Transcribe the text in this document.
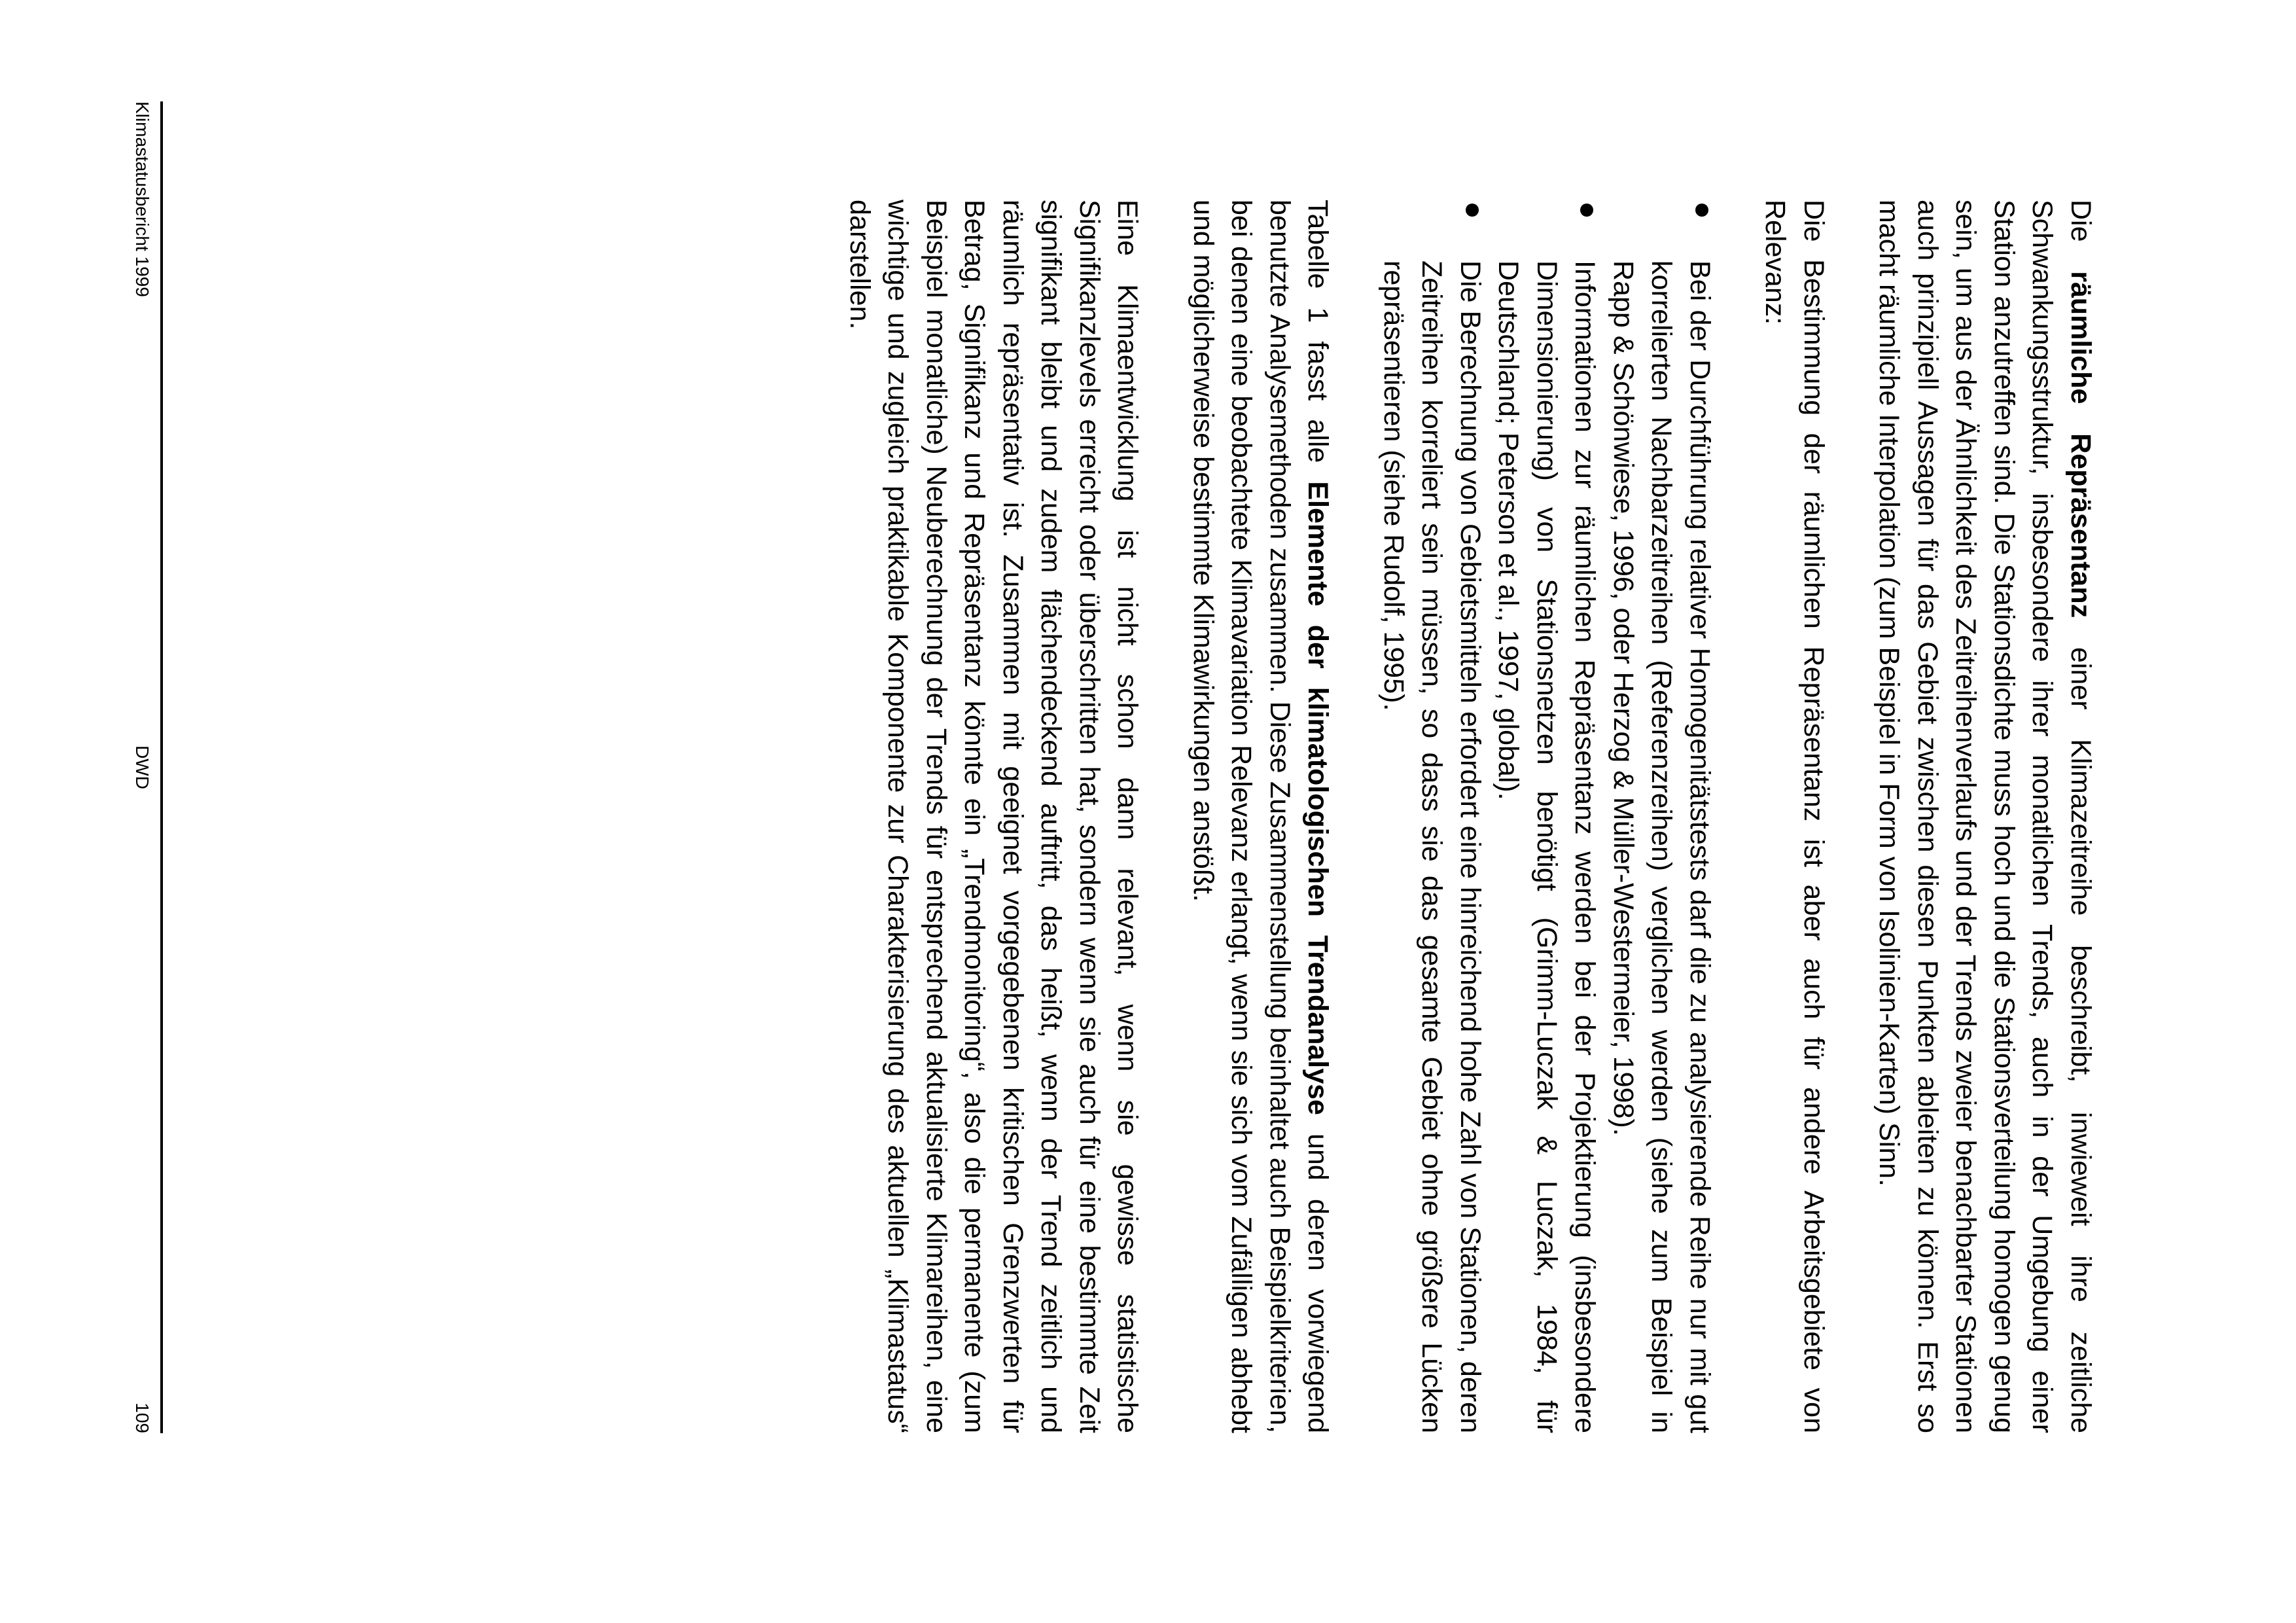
Die räumliche Repräsentanz einer Klimazeitreihe beschreibt, inwieweit ihre zeitliche Schwankungsstruktur, insbesondere ihrer monatlichen Trends, auch in der Umgebung einer Station anzutreffen sind. Die Stationsdichte muss hoch und die Stationsverteilung homogen genug sein, um aus der Ähnlichkeit des Zeitreihenverlaufs und der Trends zweier benachbarter Stationen auch prinzipiell Aussagen für das Gebiet zwischen diesen Punkten ableiten zu können. Erst so macht räumliche Interpolation (zum Beispiel in Form von Isolinien-Karten) Sinn.

Die Bestimmung der räumlichen Repräsentanz ist aber auch für andere Arbeitsgebiete von Relevanz:

Bei der Durchführung relativer Homogenitätstests darf die zu analysierende Reihe nur mit gut korrelierten Nachbarzeitreihen (Referenzreihen) verglichen werden (siehe zum Beispiel in Rapp & Schönwiese, 1996, oder Herzog & Müller-Westermeier, 1998).
Informationen zur räumlichen Repräsentanz werden bei der Projektierung (insbesondere Dimensionierung) von Stationsnetzen benötigt (Grimm-Luczak & Luczak, 1984, für Deutschland; Peterson et al., 1997, global).
Die Berechnung von Gebietsmitteln erfordert eine hinreichend hohe Zahl von Stationen, deren Zeitreihen korreliert sein müssen, so dass sie das gesamte Gebiet ohne größere Lücken repräsentieren (siehe Rudolf, 1995).

Tabelle 1 fasst alle Elemente der klimatologischen Trendanalyse und deren vorwiegend benutzte Analysemethoden zusammen. Diese Zusammenstellung beinhaltet auch Beispielkriterien, bei denen eine beobachtete Klimavariation Relevanz erlangt, wenn sie sich vom Zufälligen abhebt und möglicherweise bestimmte Klimawirkungen anstößt.

Eine Klimaentwicklung ist nicht schon dann relevant, wenn sie gewisse statistische Signifikanzlevels erreicht oder überschritten hat, sondern wenn sie auch für eine bestimmte Zeit signifikant bleibt und zudem flächendeckend auftritt, das heißt, wenn der Trend zeitlich und räumlich repräsentativ ist. Zusammen mit geeignet vorgegebenen kritischen Grenzwerten für Betrag, Signifikanz und Repräsentanz könnte ein „Trendmonitoring“, also die permanente (zum Beispiel monatliche) Neuberechnung der Trends für entsprechend aktualisierte Klimareihen, eine wichtige und zugleich praktikable Komponente zur Charakterisierung des aktuellen „Klimastatus“ darstellen.

Klimastatusbericht 1999
DWD
109
